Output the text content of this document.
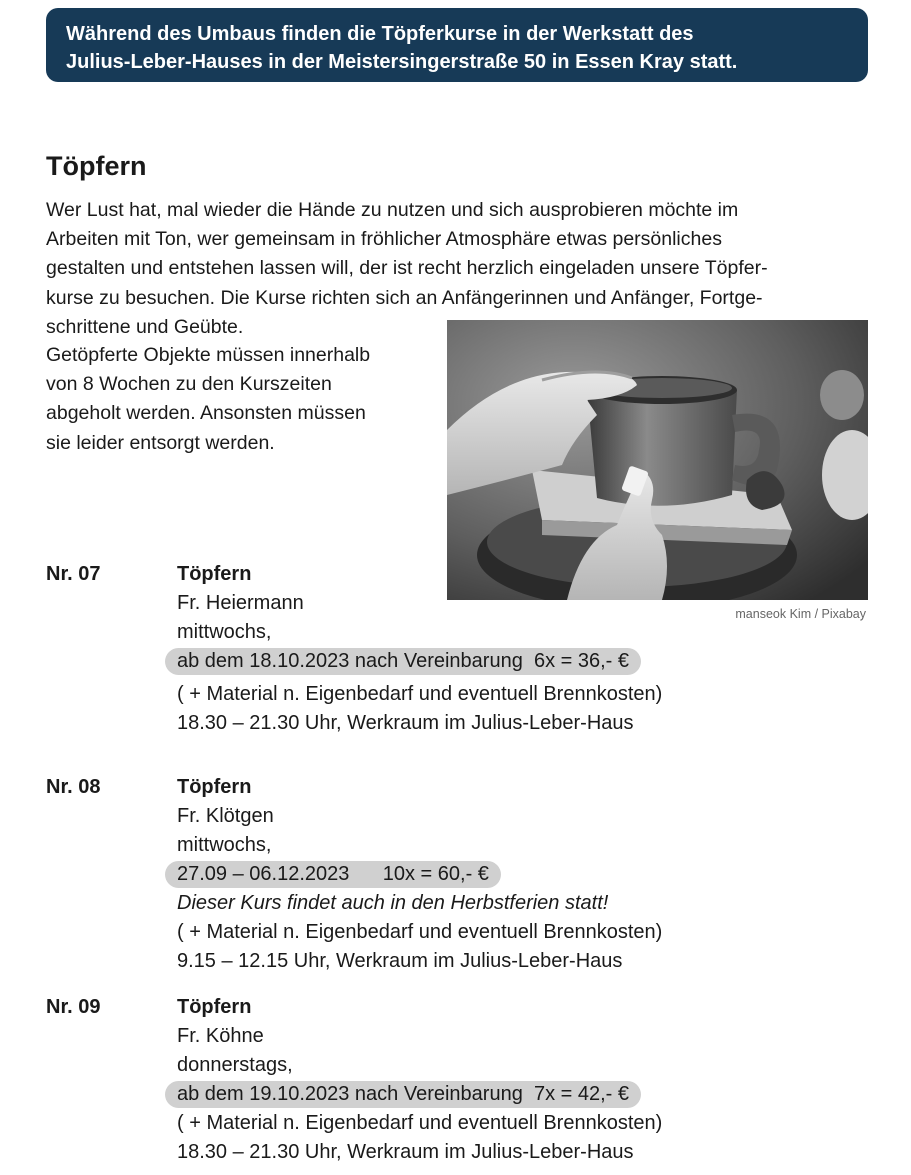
Während des Umbaus finden die Töpferkurse in der Werkstatt des
Julius-Leber-Hauses in der Meistersingerstraße 50 in Essen Kray statt.
Töpfern
Wer Lust hat, mal wieder die Hände zu nutzen und sich ausprobieren möchte im
Arbeiten mit Ton, wer gemeinsam in fröhlicher Atmosphäre etwas persönliches
gestalten und entstehen lassen will, der ist recht herzlich eingeladen unsere Töpfer-
kurse zu besuchen. Die Kurse richten sich an Anfängerinnen und Anfänger, Fortge-
schrittene und Geübte.
Getöpferte Objekte müssen innerhalb
von 8 Wochen zu den Kurszeiten
abgeholt werden. Ansonsten müssen
sie leider entsorgt werden.
manseok Kim / Pixabay
Nr. 07	Töpfern
Fr. Heiermann
mittwochs,
ab dem 18.10.2023 nach Vereinbarung  6x = 36,- €
( + Material n. Eigenbedarf und eventuell Brennkosten)
18.30 – 21.30 Uhr, Werkraum im Julius-Leber-Haus
Nr. 08	Töpfern
Fr. Klötgen
mittwochs,
27.09 – 06.12.2023      10x = 60,- €
Dieser Kurs findet auch in den Herbstferien statt!
( + Material n. Eigenbedarf und eventuell Brennkosten)
9.15 – 12.15 Uhr, Werkraum im Julius-Leber-Haus
Nr. 09	Töpfern
Fr. Köhne
donnerstags,
ab dem 19.10.2023 nach Vereinbarung  7x = 42,- €
( + Material n. Eigenbedarf und eventuell Brennkosten)
18.30 – 21.30 Uhr, Werkraum im Julius-Leber-Haus
